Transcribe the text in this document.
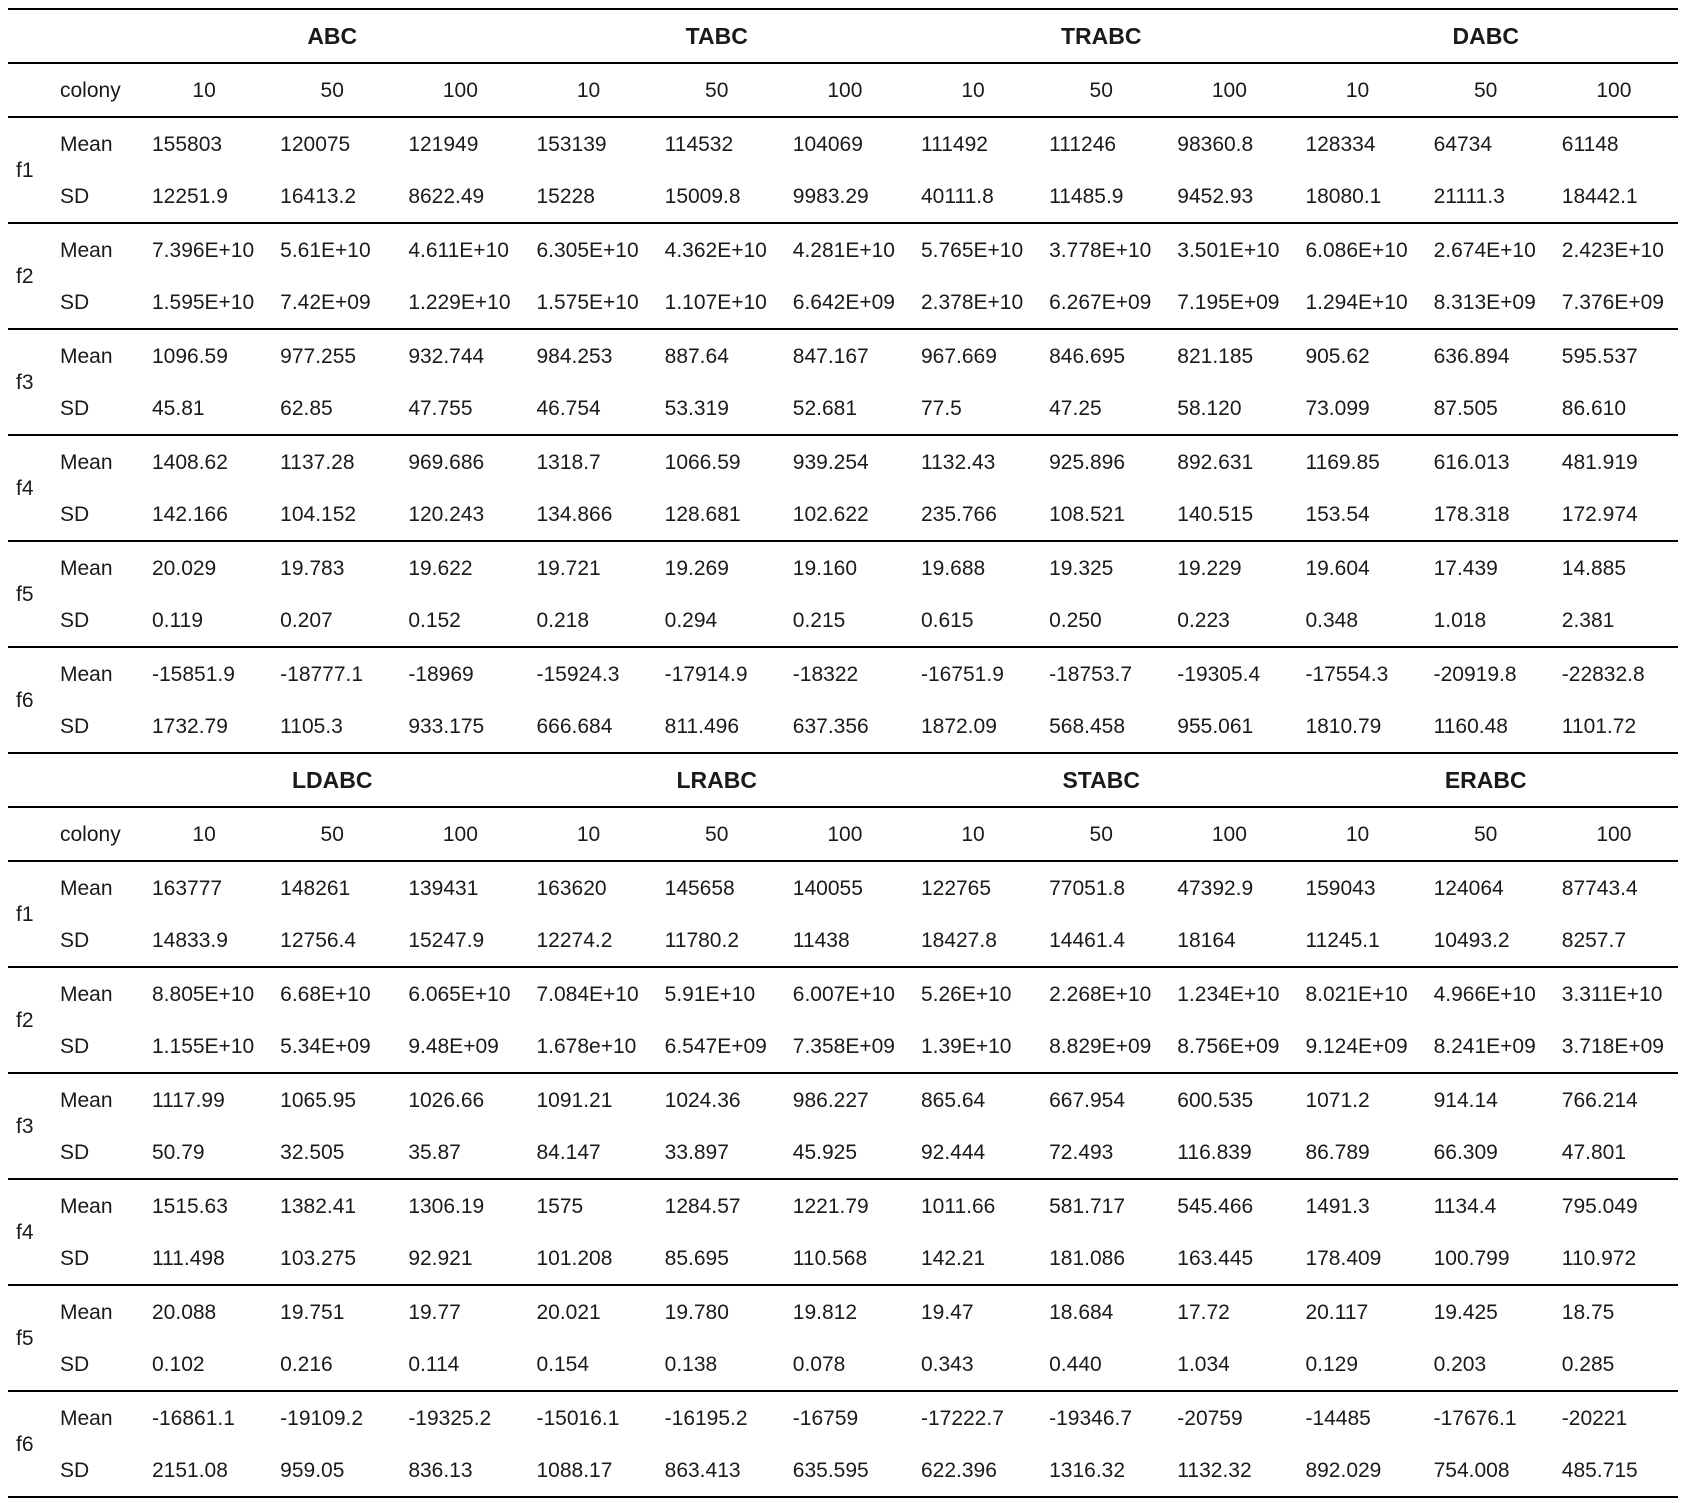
		ABC			TABC			TRABC			DABC		
	colony	10	50	100	10	50	100	10	50	100	10	50	100
f1	Mean	155803	120075	121949	153139	114532	104069	111492	111246	98360.8	128334	64734	61148
	SD	12251.9	16413.2	8622.49	15228	15009.8	9983.29	40111.8	11485.9	9452.93	18080.1	21111.3	18442.1
f2	Mean	7.396E+10	5.61E+10	4.611E+10	6.305E+10	4.362E+10	4.281E+10	5.765E+10	3.778E+10	3.501E+10	6.086E+10	2.674E+10	2.423E+10
	SD	1.595E+10	7.42E+09	1.229E+10	1.575E+10	1.107E+10	6.642E+09	2.378E+10	6.267E+09	7.195E+09	1.294E+10	8.313E+09	7.376E+09
f3	Mean	1096.59	977.255	932.744	984.253	887.64	847.167	967.669	846.695	821.185	905.62	636.894	595.537
	SD	45.81	62.85	47.755	46.754	53.319	52.681	77.5	47.25	58.120	73.099	87.505	86.610
f4	Mean	1408.62	1137.28	969.686	1318.7	1066.59	939.254	1132.43	925.896	892.631	1169.85	616.013	481.919
	SD	142.166	104.152	120.243	134.866	128.681	102.622	235.766	108.521	140.515	153.54	178.318	172.974
f5	Mean	20.029	19.783	19.622	19.721	19.269	19.160	19.688	19.325	19.229	19.604	17.439	14.885
	SD	0.119	0.207	0.152	0.218	0.294	0.215	0.615	0.250	0.223	0.348	1.018	2.381
f6	Mean	-15851.9	-18777.1	-18969	-15924.3	-17914.9	-18322	-16751.9	-18753.7	-19305.4	-17554.3	-20919.8	-22832.8
	SD	1732.79	1105.3	933.175	666.684	811.496	637.356	1872.09	568.458	955.061	1810.79	1160.48	1101.72
		LDABC			LRABC			STABC			ERABC		
	colony	10	50	100	10	50	100	10	50	100	10	50	100
f1	Mean	163777	148261	139431	163620	145658	140055	122765	77051.8	47392.9	159043	124064	87743.4
	SD	14833.9	12756.4	15247.9	12274.2	11780.2	11438	18427.8	14461.4	18164	11245.1	10493.2	8257.7
f2	Mean	8.805E+10	6.68E+10	6.065E+10	7.084E+10	5.91E+10	6.007E+10	5.26E+10	2.268E+10	1.234E+10	8.021E+10	4.966E+10	3.311E+10
	SD	1.155E+10	5.34E+09	9.48E+09	1.678e+10	6.547E+09	7.358E+09	1.39E+10	8.829E+09	8.756E+09	9.124E+09	8.241E+09	3.718E+09
f3	Mean	1117.99	1065.95	1026.66	1091.21	1024.36	986.227	865.64	667.954	600.535	1071.2	914.14	766.214
	SD	50.79	32.505	35.87	84.147	33.897	45.925	92.444	72.493	116.839	86.789	66.309	47.801
f4	Mean	1515.63	1382.41	1306.19	1575	1284.57	1221.79	1011.66	581.717	545.466	1491.3	1134.4	795.049
	SD	111.498	103.275	92.921	101.208	85.695	110.568	142.21	181.086	163.445	178.409	100.799	110.972
f5	Mean	20.088	19.751	19.77	20.021	19.780	19.812	19.47	18.684	17.72	20.117	19.425	18.75
	SD	0.102	0.216	0.114	0.154	0.138	0.078	0.343	0.440	1.034	0.129	0.203	0.285
f6	Mean	-16861.1	-19109.2	-19325.2	-15016.1	-16195.2	-16759	-17222.7	-19346.7	-20759	-14485	-17676.1	-20221
	SD	2151.08	959.05	836.13	1088.17	863.413	635.595	622.396	1316.32	1132.32	892.029	754.008	485.715
